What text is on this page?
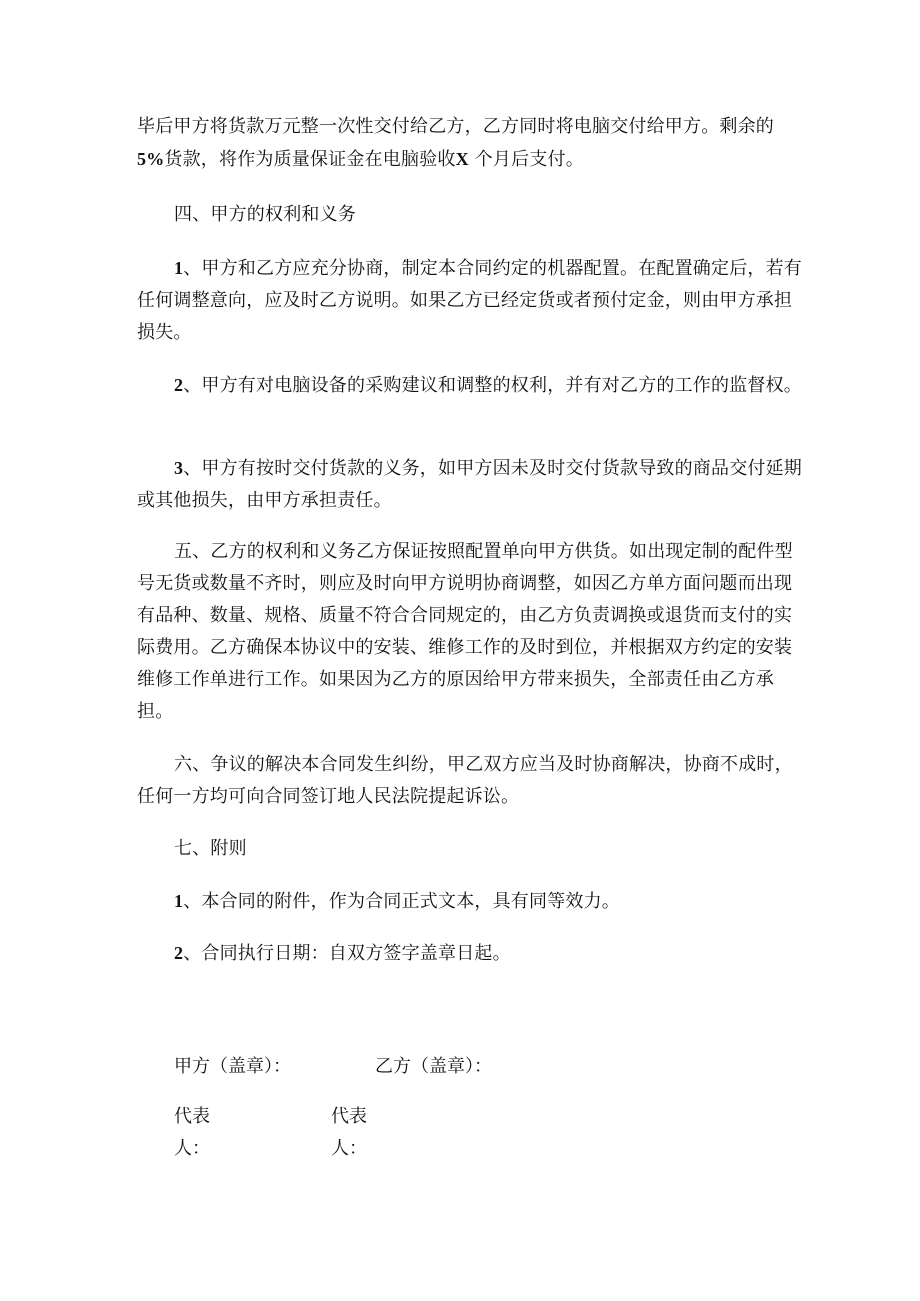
毕后甲方将货款万元整一次性交付给乙方，乙方同时将电脑交付给甲方。剩余的
5%货款，将作为质量保证金在电脑验收X 个月后支付。

四、甲方的权利和义务

1、甲方和乙方应充分协商，制定本合同约定的机器配置。在配置确定后，若有任何调整意向，应及时乙方说明。如果乙方已经定货或者预付定金，则由甲方承担损失。

2、甲方有对电脑设备的采购建议和调整的权利，并有对乙方的工作的监督权。

3、甲方有按时交付货款的义务，如甲方因未及时交付货款导致的商品交付延期或其他损失，由甲方承担责任。

五、乙方的权利和义务乙方保证按照配置单向甲方供货。如出现定制的配件型号无货或数量不齐时，则应及时向甲方说明协商调整，如因乙方单方面问题而出现有品种、数量、规格、质量不符合合同规定的，由乙方负责调换或退货而支付的实际费用。乙方确保本协议中的安装、维修工作的及时到位，并根据双方约定的安装维修工作单进行工作。如果因为乙方的原因给甲方带来损失，全部责任由乙方承担。

六、争议的解决本合同发生纠纷，甲乙双方应当及时协商解决，协商不成时，任何一方均可向合同签订地人民法院提起诉讼。

七、附则

1、本合同的附件，作为合同正式文本，具有同等效力。

2、合同执行日期：自双方签字盖章日起。

甲方（盖章）：	乙方（盖章）：
代表人：
代表人：
